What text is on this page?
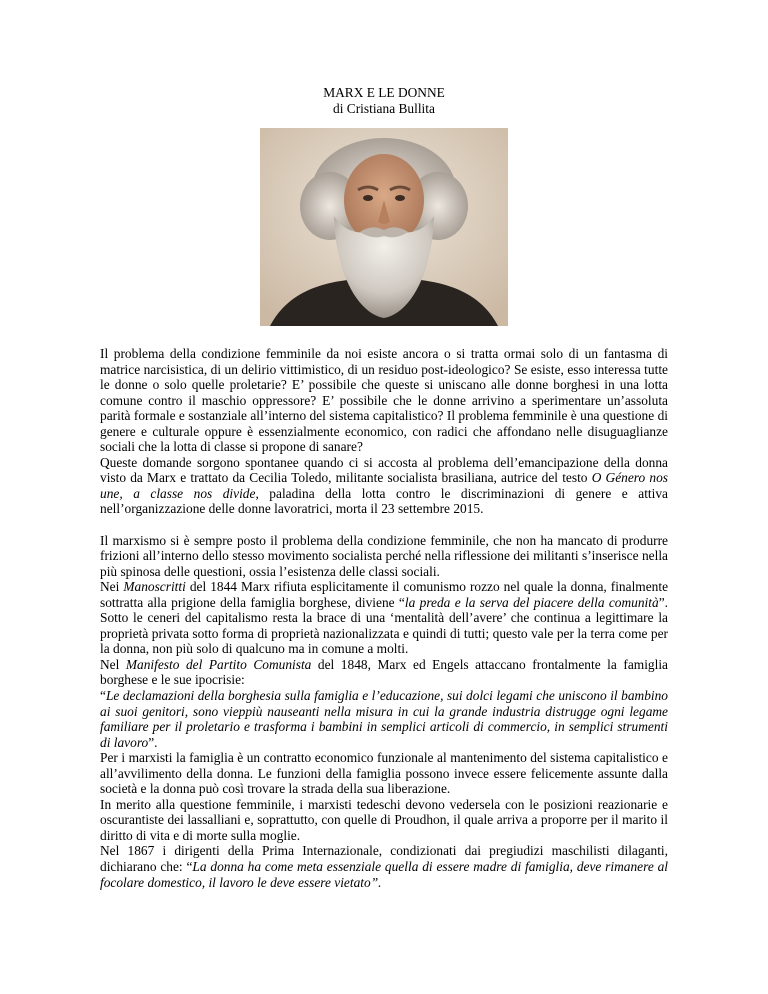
MARX E LE DONNE
di Cristiana Bullita

Il problema della condizione femminile da noi esiste ancora o si tratta ormai solo di un fantasma di matrice narcisistica, di un delirio vittimistico, di un residuo post-ideologico? Se esiste, esso interessa tutte le donne o solo quelle proletarie? E’ possibile che queste si uniscano alle donne borghesi in una lotta comune contro il maschio oppressore? E’ possibile che le donne arrivino a sperimentare un’assoluta parità formale e sostanziale all’interno del sistema capitalistico? Il problema femminile è una questione di genere e culturale oppure è essenzialmente economico, con radici che affondano nelle disuguaglianze sociali che la lotta di classe si propone di sanare?

Queste domande sorgono spontanee quando ci si accosta al problema dell’emancipazione della donna visto da Marx e trattato da Cecilia Toledo, militante socialista brasiliana, autrice del testo O Género nos une, a classe nos divide, paladina della lotta contro le discriminazioni di genere e attiva nell’organizzazione delle donne lavoratrici, morta il 23 settembre 2015.

Il marxismo si è sempre posto il problema della condizione femminile, che non ha mancato di produrre frizioni all’interno dello stesso movimento socialista perché nella riflessione dei militanti s’inserisce nella più spinosa delle questioni, ossia l’esistenza delle classi sociali.

Nei Manoscritti del 1844 Marx rifiuta esplicitamente il comunismo rozzo nel quale la donna, finalmente sottratta alla prigione della famiglia borghese, diviene “la preda e la serva del piacere della comunità”. Sotto le ceneri del capitalismo resta la brace di una ‘mentalità dell’avere’ che continua a legittimare la proprietà privata sotto forma di proprietà nazionalizzata e quindi di tutti; questo vale per la terra come per la donna, non più solo di qualcuno ma in comune a molti.

Nel Manifesto del Partito Comunista del 1848, Marx ed Engels attaccano frontalmente la famiglia borghese e le sue ipocrisie:

“Le declamazioni della borghesia sulla famiglia e l’educazione, sui dolci legami che uniscono il bambino ai suoi genitori, sono vieppiù nauseanti nella misura in cui la grande industria distrugge ogni legame familiare per il proletario e trasforma i bambini in semplici articoli di commercio, in semplici strumenti di lavoro”.

Per i marxisti la famiglia è un contratto economico funzionale al mantenimento del sistema capitalistico e all’avvilimento della donna. Le funzioni della famiglia possono invece essere felicemente assunte dalla società e la donna può così trovare la strada della sua liberazione.

In merito alla questione femminile, i marxisti tedeschi devono vedersela con le posizioni reazionarie e oscurantiste dei lassalliani e, soprattutto, con quelle di Proudhon, il quale arriva a proporre per il marito il diritto di vita e di morte sulla moglie.

Nel 1867 i dirigenti della Prima Internazionale, condizionati dai pregiudizi maschilisti dilaganti, dichiarano che: “La donna ha come meta essenziale quella di essere madre di famiglia, deve rimanere al focolare domestico, il lavoro le deve essere vietato”.
